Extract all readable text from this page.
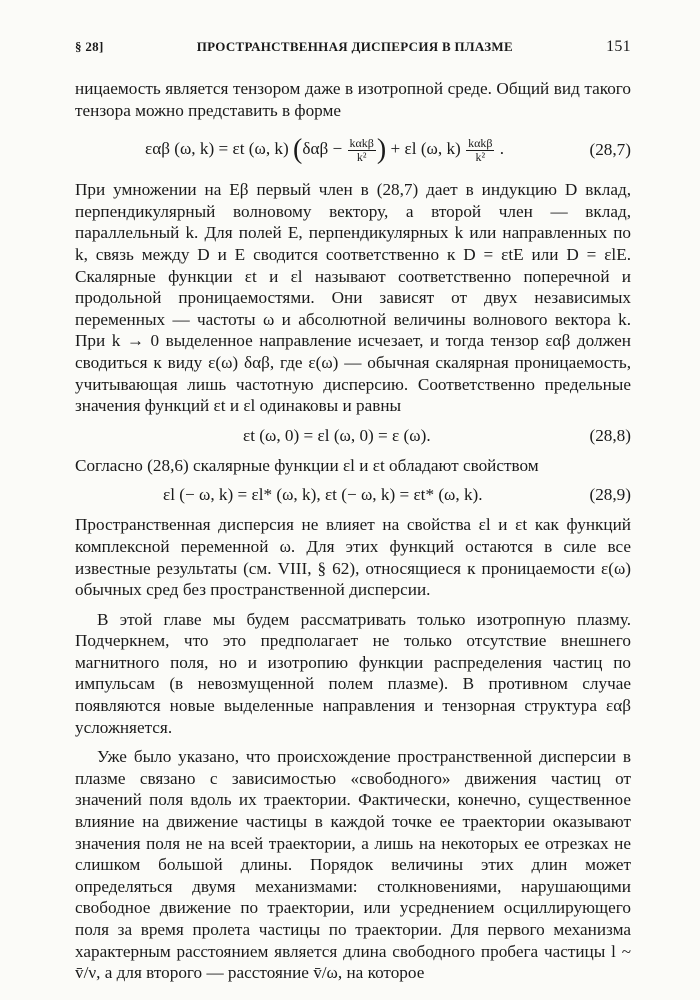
§ 28]	ПРОСТРАНСТВЕННАЯ ДИСПЕРСИЯ В ПЛАЗМЕ	151

ницаемость является тензором даже в изотропной среде. Общий вид такого тензора можно представить в форме

εαβ (ω, k) = εt (ω, k) ($\delta\alpha\beta - \frac{\text{kαkβ}}{\text{k²}}$ ) + εl (ω, $k) \frac{\text{kαkβ}}{\text{k²}}$ .	(28,7)

При умножении на Eβ первый член в (28,7) дает в индукцию D вклад, перпендикулярный волновому вектору, а второй член — вклад, параллельный k. Для полей E, перпендикулярных k или направленных по k, связь между D и E сводится соответственно к D = εtE или D = εlE. Скалярные функции εt и εl называют соответственно поперечной и продольной проницаемостями. Они зависят от двух независимых переменных — частоты ω и абсолютной величины волнового вектора k. При k → 0 выделенное направление исчезает, и тогда тензор εαβ должен сводиться к виду ε(ω) δαβ, где ε(ω) — обычная скалярная проницаемость, учитывающая лишь частотную дисперсию. Соответственно предельные значения функций εt и εl одинаковы и равны

εt (ω, 0) = εl (ω, 0) = ε (ω).	(28,8)

Согласно (28,6) скалярные функции εl и εt обладают свойством

εl (− ω, k) = εl* (ω, k), εt (− ω, k) = εt* (ω, k).	(28,9)

Пространственная дисперсия не влияет на свойства εl и εt как функций комплексной переменной ω. Для этих функций остаются в силе все известные результаты (см. VIII, § 62), относящиеся к проницаемости ε(ω) обычных сред без пространственной дисперсии.

В этой главе мы будем рассматривать только изотропную плазму. Подчеркнем, что это предполагает не только отсутствие внешнего магнитного поля, но и изотропию функции распределения частиц по импульсам (в невозмущенной полем плазме). В противном случае появляются новые выделенные направления и тензорная структура εαβ усложняется.

Уже было указано, что происхождение пространственной дисперсии в плазме связано с зависимостью «свободного» движения частиц от значений поля вдоль их траектории. Фактически, конечно, существенное влияние на движение частицы в каждой точке ее траектории оказывают значения поля не на всей траектории, а лишь на некоторых ее отрезках не слишком большой длины. Порядок величины этих длин может определяться двумя механизмами: столкновениями, нарушающими свободное движение по траектории, или усреднением осциллирующего поля за время пролета частицы по траектории. Для первого механизма характерным расстоянием является длина свободного пробега частицы l ~ v̄/ν, а для второго — расстояние v̄/ω, на которое
